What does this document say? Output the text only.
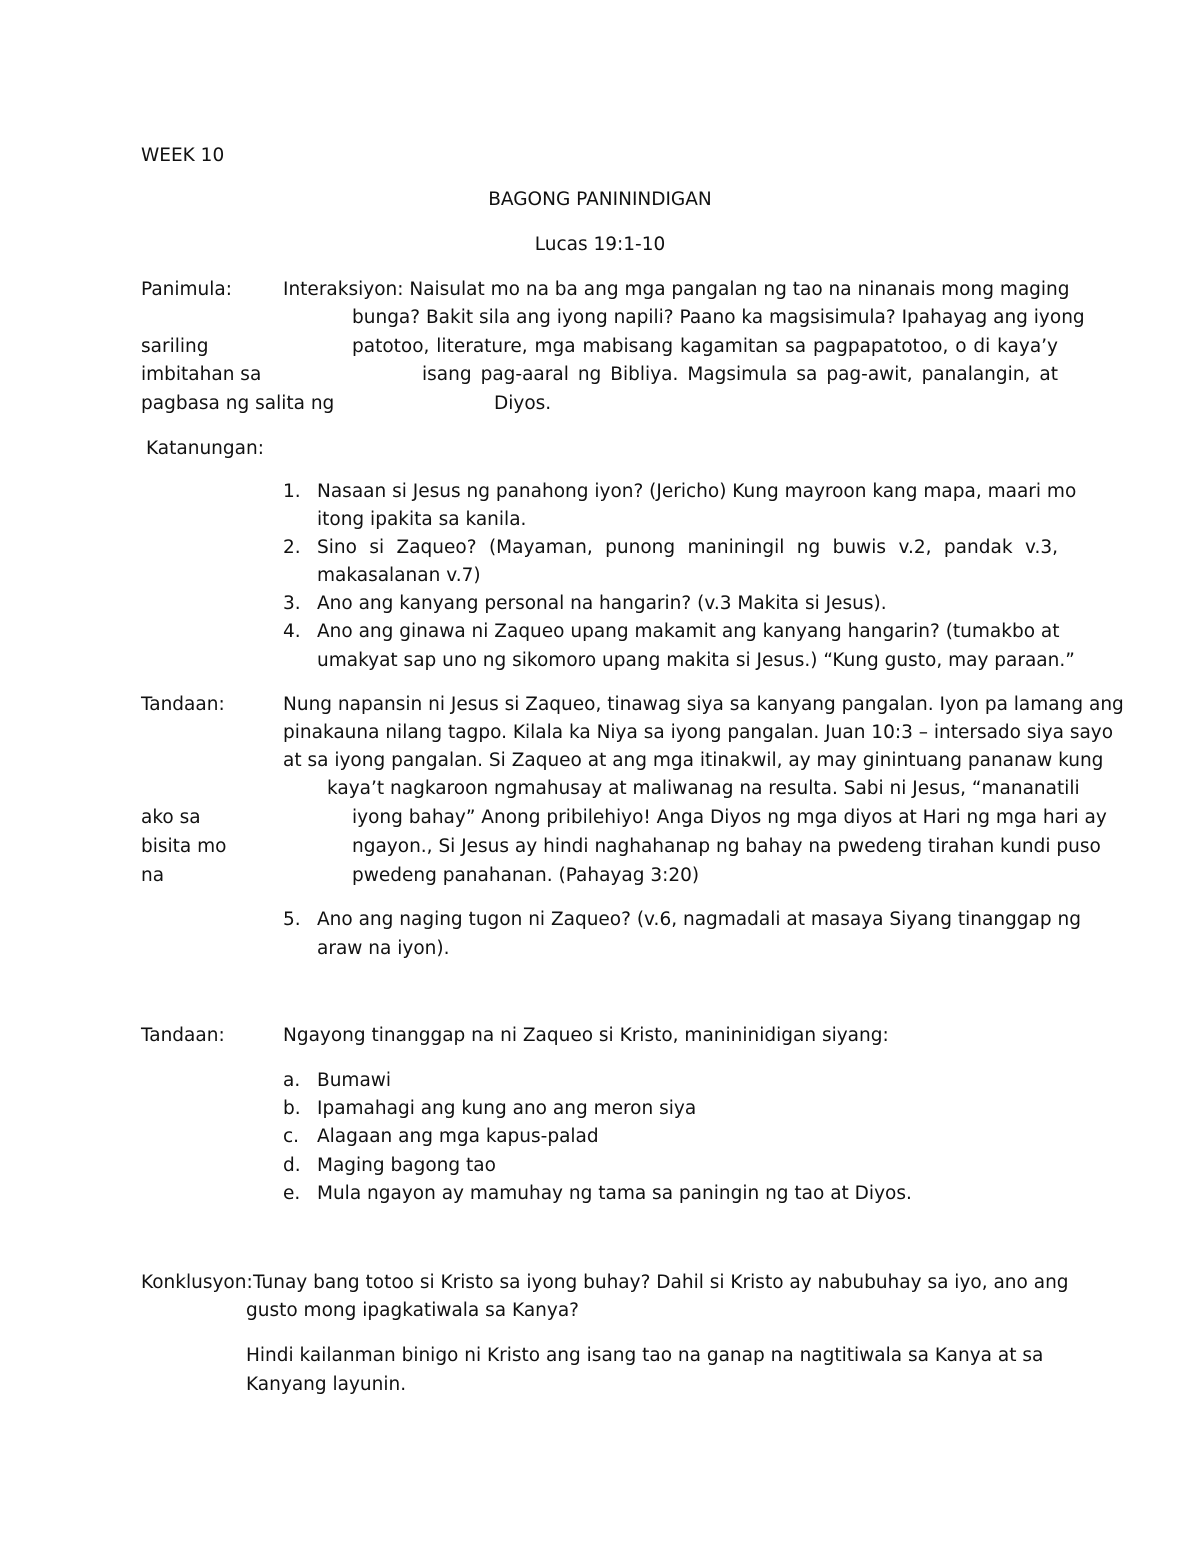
WEEK 10
BAGONG PANININDIGAN
Lucas 19:1-10
Panimula:	Interaksiyon: Naisulat mo na ba ang mga pangalan ng tao na ninanais mong maging
bunga? Bakit sila ang iyong napili? Paano ka magsisimula? Ipahayag ang iyong
sariling	patotoo, literature, mga mabisang kagamitan sa pagpapatotoo, o di kaya’y
imbitahan sa	isang pag-aaral ng Bibliya. Magsimula sa pag-awit, panalangin, at
pagbasa ng salita ng	Diyos.
Katanungan:
1. Nasaan si Jesus ng panahong iyon? (Jericho) Kung mayroon kang mapa, maari mo
itong ipakita sa kanila.
2. Sino si Zaqueo? (Mayaman, punong maniningil ng buwis v.2, pandak v.3,
makasalanan v.7)
3. Ano ang kanyang personal na hangarin? (v.3 Makita si Jesus).
4. Ano ang ginawa ni Zaqueo upang makamit ang kanyang hangarin? (tumakbo at
umakyat sap uno ng sikomoro upang makita si Jesus.) “Kung gusto, may paraan.”
Tandaan:	Nung napansin ni Jesus si Zaqueo, tinawag siya sa kanyang pangalan. Iyon pa lamang ang
pinakauna nilang tagpo. Kilala ka Niya sa iyong pangalan. Juan 10:3 – intersado siya sayo
at sa iyong pangalan. Si Zaqueo at ang mga itinakwil, ay may ginintuang pananaw kung
kaya’t nagkaroon ngmahusay at maliwanag na resulta. Sabi ni Jesus, “mananatili
ako sa	iyong bahay” Anong pribilehiyo! Anga Diyos ng mga diyos at Hari ng mga hari ay
bisita mo	ngayon., Si Jesus ay hindi naghahanap ng bahay na pwedeng tirahan kundi puso
na	pwedeng panahanan. (Pahayag 3:20)
5. Ano ang naging tugon ni Zaqueo? (v.6, nagmadali at masaya Siyang tinanggap ng
araw na iyon).
Tandaan:	Ngayong tinanggap na ni Zaqueo si Kristo, manininidigan siyang:
a. Bumawi
b. Ipamahagi ang kung ano ang meron siya
c. Alagaan ang mga kapus-palad
d. Maging bagong tao
e. Mula ngayon ay mamuhay ng tama sa paningin ng tao at Diyos.
Konklusyon: Tunay bang totoo si Kristo sa iyong buhay? Dahil si Kristo ay nabubuhay sa iyo, ano ang
gusto mong ipagkatiwala sa Kanya?
Hindi kailanman binigo ni Kristo ang isang tao na ganap na nagtitiwala sa Kanya at sa
Kanyang layunin.
